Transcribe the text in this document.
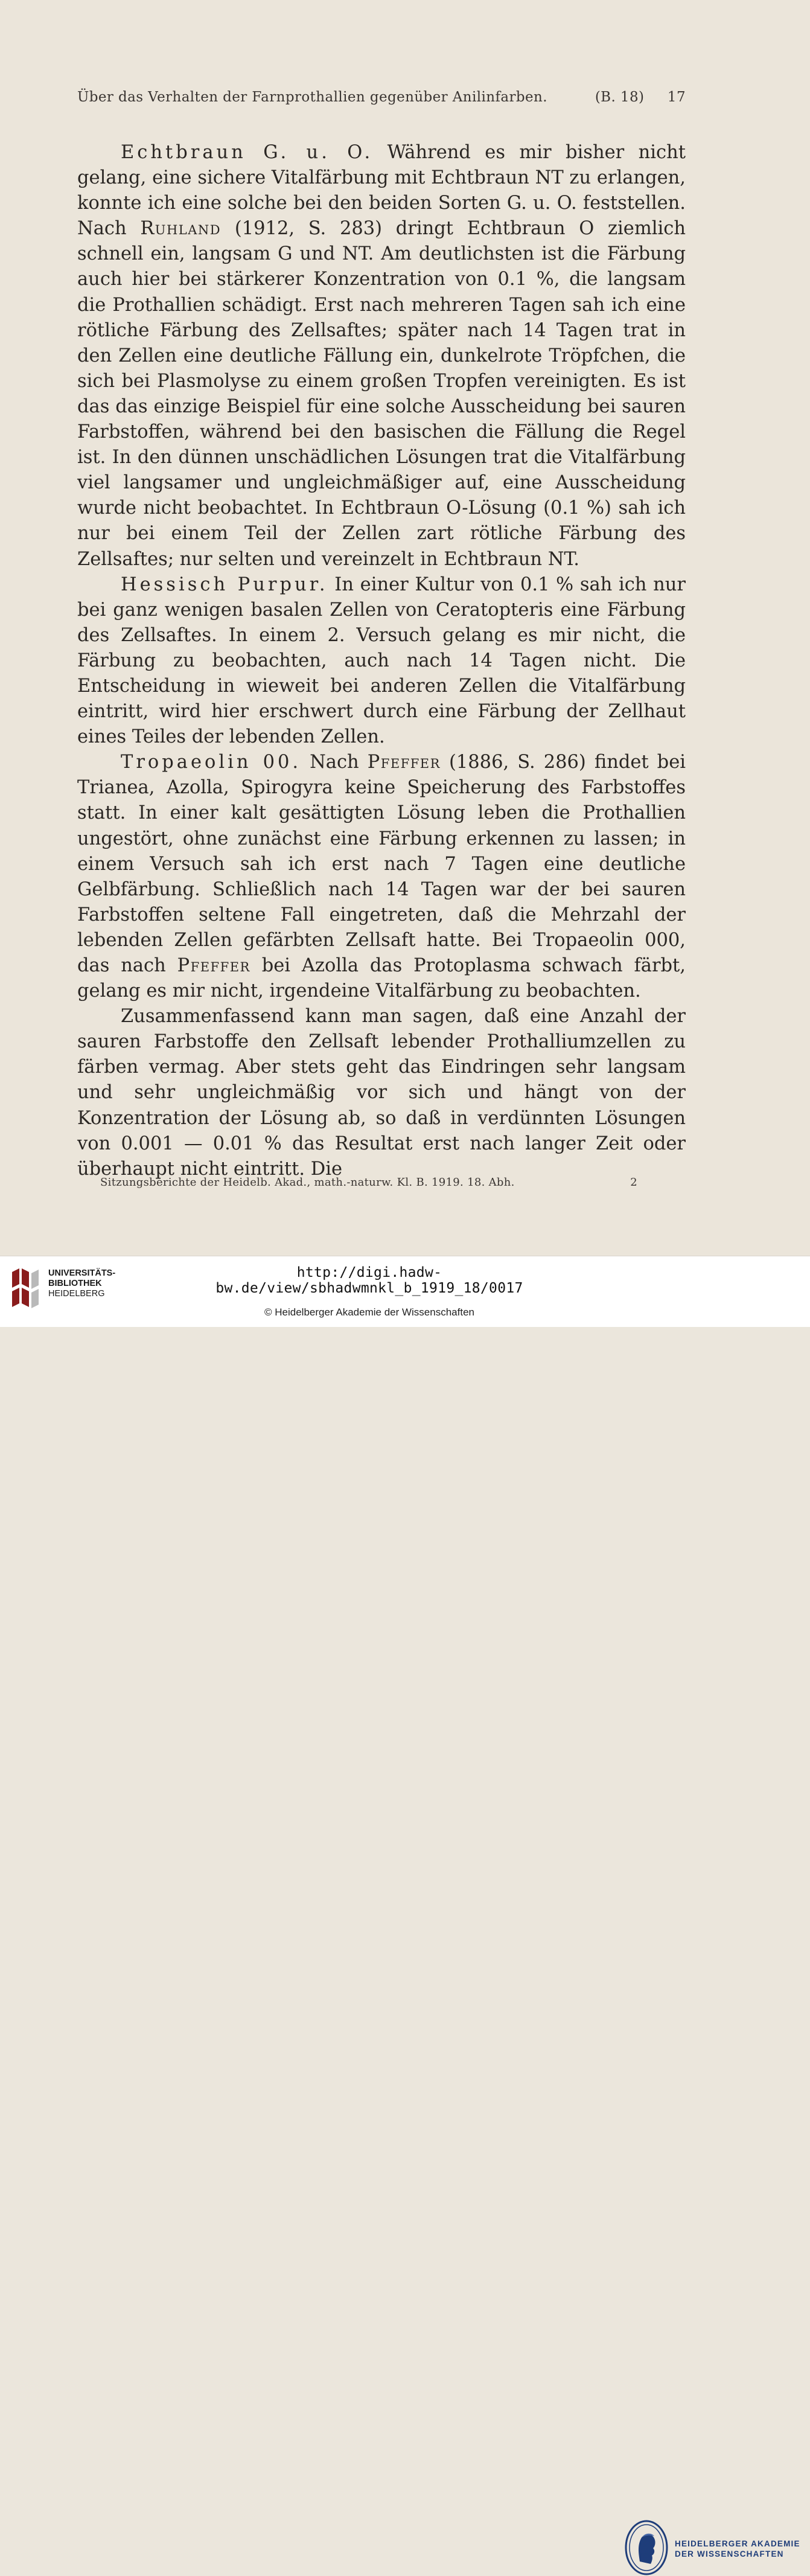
Über das Verhalten der Farnprothallien gegenüber Anilinfarben.	(B. 18) 17

Echtbraun G. u. O. Während es mir bisher nicht gelang, eine sichere Vitalfärbung mit Echtbraun NT zu erlangen, konnte ich eine solche bei den beiden Sorten G. u. O. feststellen. Nach Ruhland (1912, S. 283) dringt Echtbraun O ziemlich schnell ein, langsam G und NT. Am deutlichsten ist die Färbung auch hier bei stärkerer Konzentration von 0.1 %, die langsam die Prothallien schädigt. Erst nach mehreren Tagen sah ich eine rötliche Färbung des Zellsaftes; später nach 14 Tagen trat in den Zellen eine deutliche Fällung ein, dunkelrote Tröpfchen, die sich bei Plasmolyse zu einem großen Tropfen vereinigten. Es ist das das einzige Beispiel für eine solche Ausscheidung bei sauren Farbstoffen, während bei den basischen die Fällung die Regel ist. In den dünnen unschädlichen Lösungen trat die Vitalfärbung viel langsamer und ungleichmäßiger auf, eine Ausscheidung wurde nicht beobachtet. In Echtbraun O-Lösung (0.1 %) sah ich nur bei einem Teil der Zellen zart rötliche Färbung des Zellsaftes; nur selten und vereinzelt in Echtbraun NT.

Hessisch Purpur. In einer Kultur von 0.1 % sah ich nur bei ganz wenigen basalen Zellen von Ceratopteris eine Färbung des Zellsaftes. In einem 2. Versuch gelang es mir nicht, die Färbung zu beobachten, auch nach 14 Tagen nicht. Die Entscheidung in wieweit bei anderen Zellen die Vitalfärbung eintritt, wird hier erschwert durch eine Färbung der Zellhaut eines Teiles der lebenden Zellen.

Tropaeolin 00. Nach Pfeffer (1886, S. 286) findet bei Trianea, Azolla, Spirogyra keine Speicherung des Farbstoffes statt. In einer kalt gesättigten Lösung leben die Prothallien ungestört, ohne zunächst eine Färbung erkennen zu lassen; in einem Versuch sah ich erst nach 7 Tagen eine deutliche Gelbfärbung. Schließlich nach 14 Tagen war der bei sauren Farbstoffen seltene Fall eingetreten, daß die Mehrzahl der lebenden Zellen gefärbten Zellsaft hatte. Bei Tropaeolin 000, das nach Pfeffer bei Azolla das Protoplasma schwach färbt, gelang es mir nicht, irgendeine Vitalfärbung zu beobachten.

Zusammenfassend kann man sagen, daß eine Anzahl der sauren Farbstoffe den Zellsaft lebender Prothalliumzellen zu färben vermag. Aber stets geht das Eindringen sehr langsam und sehr ungleichmäßig vor sich und hängt von der Konzentration der Lösung ab, so daß in verdünnten Lösungen von 0.001 — 0.01 % das Resultat erst nach langer Zeit oder überhaupt nicht eintritt. Die

Sitzungsberichte der Heidelb. Akad., math.-naturw. Kl. B. 1919. 18. Abh.	2
UNIVERSITÄTS-
BIBLIOTHEK
HEIDELBERG
HEIDELBERGER AKADEMIE
DER WISSENSCHAFTEN
http://digi.hadw-bw.de/view/sbhadwmnkl_b_1919_18/0017
© Heidelberger Akademie der Wissenschaften
